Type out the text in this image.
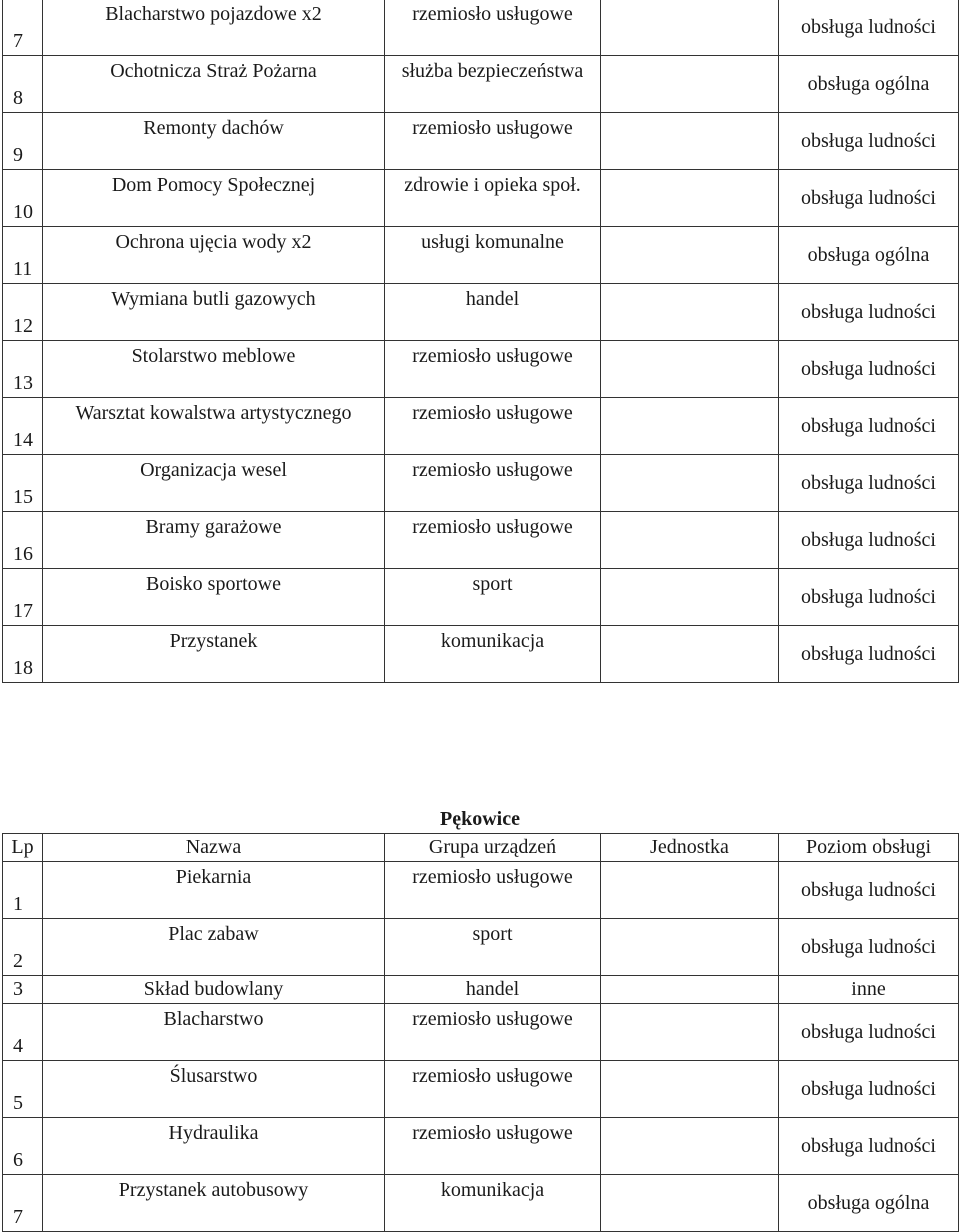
7	Blacharstwo pojazdowe x2	rzemiosło usługowe		obsługa ludności
8	Ochotnicza Straż Pożarna	służba bezpieczeństwa		obsługa ogólna
9	Remonty dachów	rzemiosło usługowe		obsługa ludności
10	Dom Pomocy Społecznej	zdrowie i opieka społ.		obsługa ludności
11	Ochrona ujęcia wody x2	usługi komunalne		obsługa ogólna
12	Wymiana butli gazowych	handel		obsługa ludności
13	Stolarstwo meblowe	rzemiosło usługowe		obsługa ludności
14	Warsztat kowalstwa artystycznego	rzemiosło usługowe		obsługa ludności
15	Organizacja wesel	rzemiosło usługowe		obsługa ludności
16	Bramy garażowe	rzemiosło usługowe		obsługa ludności
17	Boisko sportowe	sport		obsługa ludności
18	Przystanek	komunikacja		obsługa ludności
Pękowice
Lp	Nazwa	Grupa urządzeń	Jednostka	Poziom obsługi
1	Piekarnia	rzemiosło usługowe		obsługa ludności
2	Plac zabaw	sport		obsługa ludności
3	Skład budowlany	handel		inne
4	Blacharstwo	rzemiosło usługowe		obsługa ludności
5	Ślusarstwo	rzemiosło usługowe		obsługa ludności
6	Hydraulika	rzemiosło usługowe		obsługa ludności
7	Przystanek autobusowy	komunikacja		obsługa ogólna
